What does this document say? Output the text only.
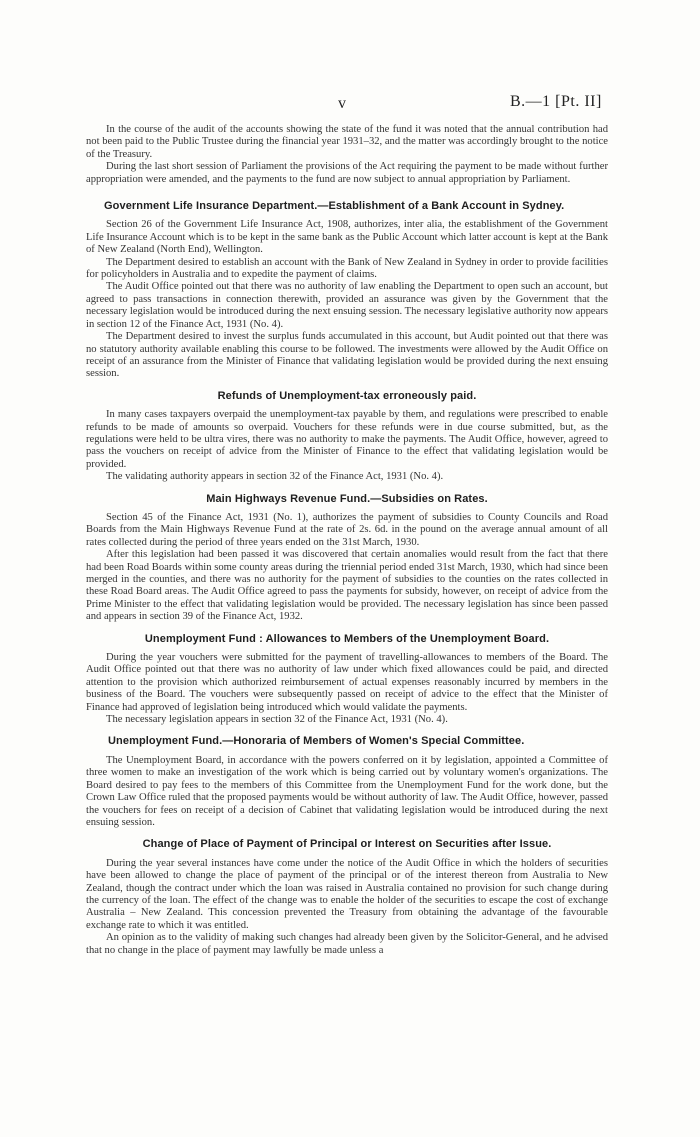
v	B.—1 [Pt. II]

In the course of the audit of the accounts showing the state of the fund it was noted that the annual contribution had not been paid to the Public Trustee during the financial year 1931–32, and the matter was accordingly brought to the notice of the Treasury.

During the last short session of Parliament the provisions of the Act requiring the payment to be made without further appropriation were amended, and the payments to the fund are now subject to annual appropriation by Parliament.

Government Life Insurance Department.—Establishment of a Bank Account in Sydney.

Section 26 of the Government Life Insurance Act, 1908, authorizes, inter alia, the establishment of the Government Life Insurance Account which is to be kept in the same bank as the Public Account which latter account is kept at the Bank of New Zealand (North End), Wellington.

The Department desired to establish an account with the Bank of New Zealand in Sydney in order to provide facilities for policyholders in Australia and to expedite the payment of claims.

The Audit Office pointed out that there was no authority of law enabling the Department to open such an account, but agreed to pass transactions in connection therewith, provided an assurance was given by the Government that the necessary legislation would be introduced during the next ensuing session. The necessary legislative authority now appears in section 12 of the Finance Act, 1931 (No. 4).

The Department desired to invest the surplus funds accumulated in this account, but Audit pointed out that there was no statutory authority available enabling this course to be followed. The investments were allowed by the Audit Office on receipt of an assurance from the Minister of Finance that validating legislation would be provided during the next ensuing session.

Refunds of Unemployment-tax erroneously paid.

In many cases taxpayers overpaid the unemployment-tax payable by them, and regulations were prescribed to enable refunds to be made of amounts so overpaid. Vouchers for these refunds were in due course submitted, but, as the regulations were held to be ultra vires, there was no authority to make the payments. The Audit Office, however, agreed to pass the vouchers on receipt of advice from the Minister of Finance to the effect that validating legislation would be provided.

The validating authority appears in section 32 of the Finance Act, 1931 (No. 4).

Main Highways Revenue Fund.—Subsidies on Rates.

Section 45 of the Finance Act, 1931 (No. 1), authorizes the payment of subsidies to County Councils and Road Boards from the Main Highways Revenue Fund at the rate of 2s. 6d. in the pound on the average annual amount of all rates collected during the period of three years ended on the 31st March, 1930.

After this legislation had been passed it was discovered that certain anomalies would result from the fact that there had been Road Boards within some county areas during the triennial period ended 31st March, 1930, which had since been merged in the counties, and there was no authority for the payment of subsidies to the counties on the rates collected in these Road Board areas. The Audit Office agreed to pass the payments for subsidy, however, on receipt of advice from the Prime Minister to the effect that validating legislation would be provided. The necessary legislation has since been passed and appears in section 39 of the Finance Act, 1932.

Unemployment Fund : Allowances to Members of the Unemployment Board.

During the year vouchers were submitted for the payment of travelling-allowances to members of the Board. The Audit Office pointed out that there was no authority of law under which fixed allowances could be paid, and directed attention to the provision which authorized reimbursement of actual expenses reasonably incurred by members in the business of the Board. The vouchers were subsequently passed on receipt of advice to the effect that the Minister of Finance had approved of legislation being introduced which would validate the payments.

The necessary legislation appears in section 32 of the Finance Act, 1931 (No. 4).

Unemployment Fund.—Honoraria of Members of Women's Special Committee.

The Unemployment Board, in accordance with the powers conferred on it by legislation, appointed a Committee of three women to make an investigation of the work which is being carried out by voluntary women's organizations. The Board desired to pay fees to the members of this Committee from the Unemployment Fund for the work done, but the Crown Law Office ruled that the proposed payments would be without authority of law. The Audit Office, however, passed the vouchers for fees on receipt of a decision of Cabinet that validating legislation would be introduced during the next ensuing session.

Change of Place of Payment of Principal or Interest on Securities after Issue.

During the year several instances have come under the notice of the Audit Office in which the holders of securities have been allowed to change the place of payment of the principal or of the interest thereon from Australia to New Zealand, though the contract under which the loan was raised in Australia contained no provision for such change during the currency of the loan. The effect of the change was to enable the holder of the securities to escape the cost of exchange Australia – New Zealand. This concession prevented the Treasury from obtaining the advantage of the favourable exchange rate to which it was entitled.

An opinion as to the validity of making such changes had already been given by the Solicitor-General, and he advised that no change in the place of payment may lawfully be made unless a
